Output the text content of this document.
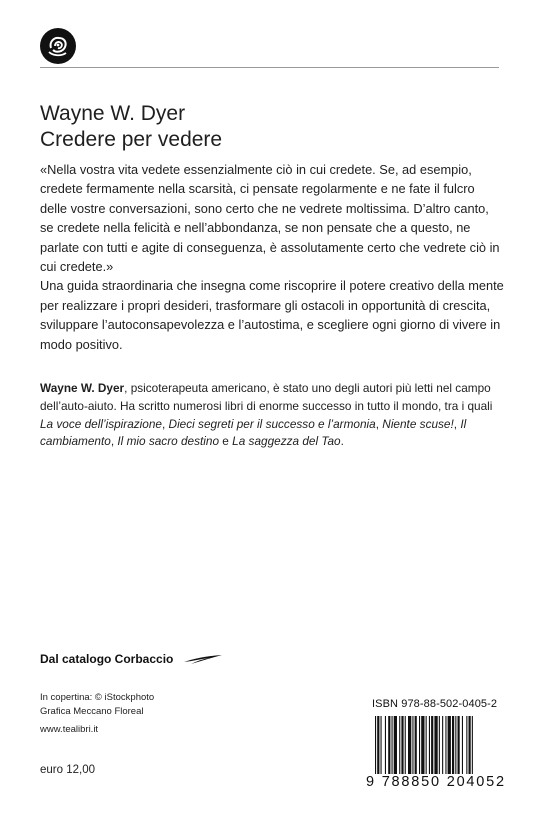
Wayne W. Dyer
Credere per vedere

«Nella vostra vita vedete essenzialmente ciò in cui credete. Se, ad esempio, credete fermamente nella scarsità, ci pensate regolarmente e ne fate il fulcro delle vostre conversazioni, sono certo che ne vedrete moltissima. D’altro canto, se credete nella felicità e nell’abbondanza, se non pensate che a questo, ne parlate con tutti e agite di conseguenza, è assolutamente certo che vedrete ciò in cui credete.»

Una guida straordinaria che insegna come riscoprire il potere creativo della mente per realizzare i propri desideri, trasformare gli ostacoli in opportunità di crescita, sviluppare l’autoconsapevolezza e l’autostima, e scegliere ogni giorno di vivere in modo positivo.

Wayne W. Dyer, psicoterapeuta americano, è stato uno degli autori più letti nel campo dell’auto-aiuto. Ha scritto numerosi libri di enorme successo in tutto il mondo, tra i quali La voce dell’ispirazione, Dieci segreti per il successo e l’armonia, Niente scuse!, Il cambiamento, Il mio sacro destino e La saggezza del Tao.
Dal catalogo Corbaccio
In copertina: © iStockphoto
Grafica Meccano Floreal
www.tealibri.it
euro 12,00
ISBN 978-88-502-0405-2
9 788850 204052
